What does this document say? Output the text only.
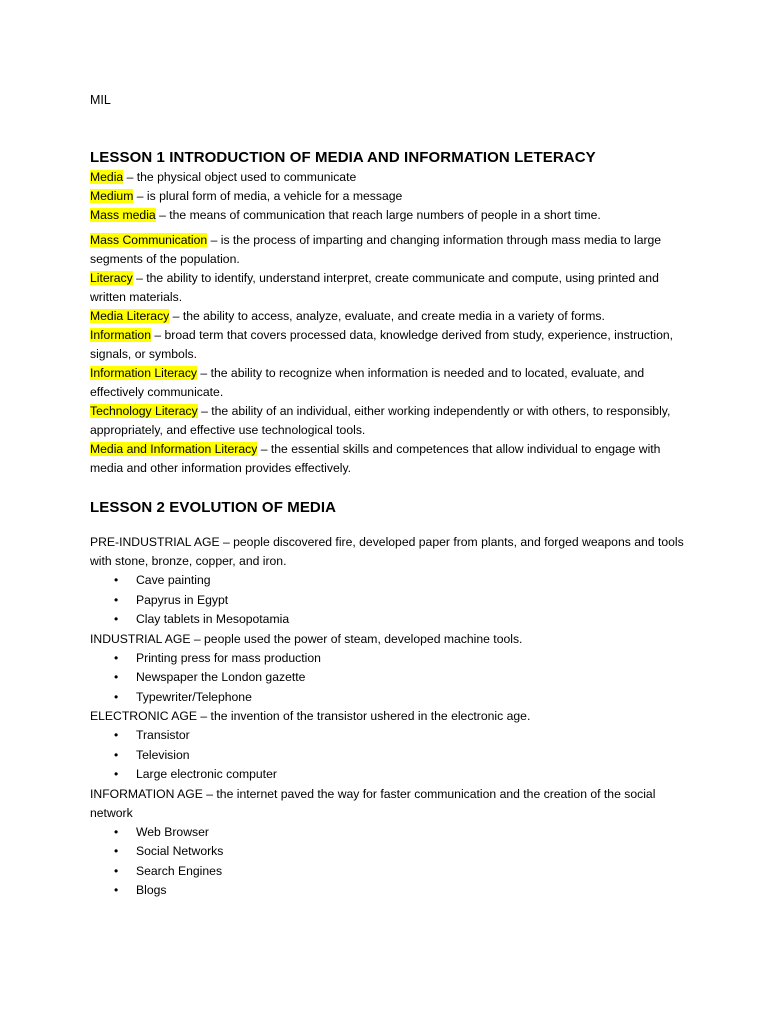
MIL

LESSON 1 INTRODUCTION OF MEDIA AND INFORMATION LETERACY

Media – the physical object used to communicate

Medium – is plural form of media, a vehicle for a message

Mass media – the means of communication that reach large numbers of people in a short time.

Mass Communication – is the process of imparting and changing information through mass media to large segments of the population.

Literacy – the ability to identify, understand interpret, create communicate and compute, using printed and written materials.

Media Literacy – the ability to access, analyze, evaluate, and create media in a variety of forms.

Information – broad term that covers processed data, knowledge derived from study, experience, instruction, signals, or symbols.

Information Literacy – the ability to recognize when information is needed and to located, evaluate, and effectively communicate.

Technology Literacy – the ability of an individual, either working independently or with others, to responsibly, appropriately, and effective use technological tools.

Media and Information Literacy – the essential skills and competences that allow individual to engage with media and other information provides effectively.

LESSON 2 EVOLUTION OF MEDIA

PRE-INDUSTRIAL AGE – people discovered fire, developed paper from plants, and forged weapons and tools with stone, bronze, copper, and iron.

• Cave painting
• Papyrus in Egypt
• Clay tablets in Mesopotamia

INDUSTRIAL AGE – people used the power of steam, developed machine tools.

• Printing press for mass production
• Newspaper the London gazette
• Typewriter/Telephone

ELECTRONIC AGE – the invention of the transistor ushered in the electronic age.

• Transistor
• Television
• Large electronic computer

INFORMATION AGE – the internet paved the way for faster communication and the creation of the social network

• Web Browser
• Social Networks
• Search Engines
• Blogs
